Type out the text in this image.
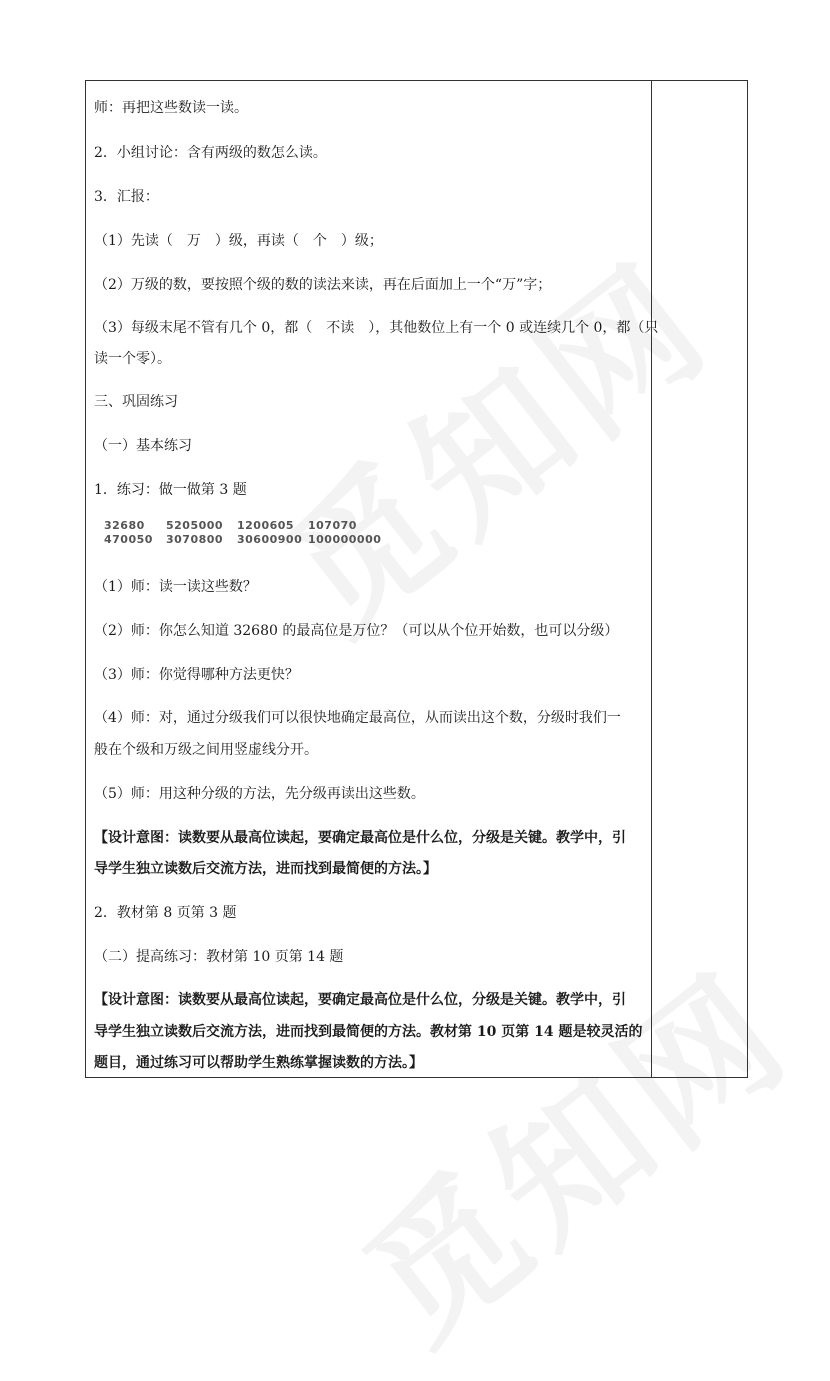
师：再把这些数读一读。
2．小组讨论：含有两级的数怎么读。
3．汇报：
（1）先读（　万　）级，再读（　个　）级；
（2）万级的数，要按照个级的数的读法来读，再在后面加上一个“万”字；
（3）每级末尾不管有几个 0，都（　不读　），其他数位上有一个 0 或连续几个 0，都（只
读一个零）。
三、巩固练习
（一）基本练习
1．练习：做一做第 3 题
32680 5205000 1200605 107070
470050 3070800 30600900 100000000
（1）师：读一读这些数？
（2）师：你怎么知道 32680 的最高位是万位？（可以从个位开始数，也可以分级）
（3）师：你觉得哪种方法更快？
（4）师：对，通过分级我们可以很快地确定最高位，从而读出这个数，分级时我们一
般在个级和万级之间用竖虚线分开。
（5）师：用这种分级的方法，先分级再读出这些数。
【设计意图：读数要从最高位读起，要确定最高位是什么位，分级是关键。教学中，引
导学生独立读数后交流方法，进而找到最简便的方法。】
2．教材第 8 页第 3 题
（二）提高练习：教材第 10 页第 14 题
【设计意图：读数要从最高位读起，要确定最高位是什么位，分级是关键。教学中，引
导学生独立读数后交流方法，进而找到最简便的方法。教材第 10 页第 14 题是较灵活的
题目，通过练习可以帮助学生熟练掌握读数的方法。】
